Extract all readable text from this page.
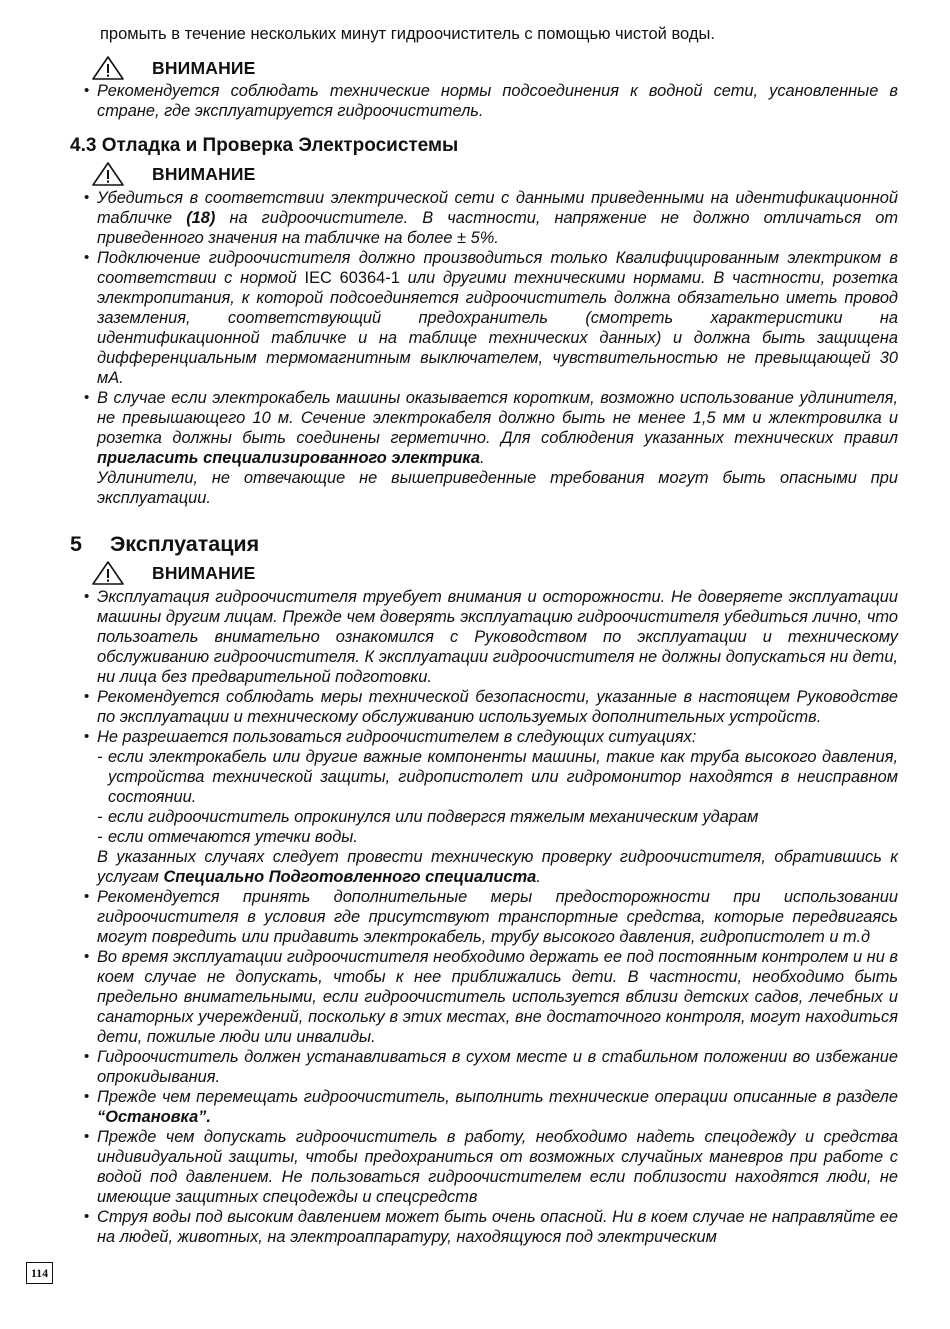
промыть в течение нескольких минут гидроочиститель с помощью чистой воды.
ВНИМАНИЕ

• Рекомендуется соблюдать технические нормы подсоединения к водной сети, усановленные в стране, где эксплуатируется гидроочиститель.

4.3 Отладка и Проверка Электросистемы
ВНИМАНИЕ

• Убедиться в соответствии электрической сети с данными приведенными на идентификационной табличке (18) на гидроочистителе. В частности, напряжение не должно отличаться от приведенного значения на табличке на более ± 5%.

• Подключение гидроочистителя должно производиться только Квалифицированным электриком в соответствии с нормой IEC 60364-1 или другими техническими нормами. В частности, розетка электропитания, к которой подсоединяется гидроочиститель должна обязательно иметь провод заземления, соответствующий предохранитель (смотреть характеристики на идентификационной табличке и на таблице технических данных) и должна быть защищена дифференциальным термомагнитным выключателем, чувствительностью не превыщающей 30 мА.

• В случае если электрокабель машины оказывается коротким, возможно использование удлинителя, не превышающего 10 м. Сечение электрокабеля должно быть не менее 1,5 мм и жлектровилка и розетка должны быть соединены герметично. Для соблюдения указанных технических правил пригласить специализированного электрика.

Удлинители, не отвечающие не вышеприведенные требования могут быть опасными при эксплуатации.

5 Эксплуатация
ВНИМАНИЕ

• Эксплуатация гидроочистителя труебует внимания и осторожности. Не доверяете эксплуатации машины другим лицам. Прежде чем доверять эксплуатацию гидроочистителя убедиться лично, что пользоатель внимательно ознакомился с Руководством по эксплуатации и техническому обслуживанию гидроочистителя. К эксплуатации гидроочистителя не должны допускаться ни дети, ни лица без предварительной подготовки.

• Рекомендуется соблюдать меры технической безопасности, указанные в настоящем Руководстве по эксплуатации и техническому обслуживанию используемых дополнительных устройств.

• Не разрешается пользоваться гидроочистителем в следующих ситуациях:

- если электрокабель или другие важные компоненты машины, такие как труба высокого давления, устройства технической защиты, гидропистолет или гидромонитор находятся в неисправном состоянии.

- если гидроочиститель опрокинулся или подвергся тяжелым механическим ударам

- если отмечаются утечки воды.

В указанных случаях следует провести техническую проверку гидроочистителя, обратившись к услугам Специально Подготовленного специалиста.

• Рекомендуется принять дополнительные меры предосторожности при использовании гидроочистителя в условия где присутствуют транспортные средства, которые передвигаясь могут повредить или придавить электрокабель, трубу высокого давления, гидропистолет и т.д

• Во время эксплуатации гидроочистителя необходимо держать ее под постоянным контролем и ни в коем случае не допускать, чтобы к нее приближались дети. В частности, необходимо быть предельно внимательными, если гидроочиститель используется вблизи детских садов, лечебных и санаторных учереждений, поскольку в этих местах, вне достаточного контроля, могут находиться дети, пожилые люди или инвалиды.

• Гидроочиститель должен устанавливаться в сухом месте и в стабильном положении во избежание опрокидывания.

• Прежде чем перемещать гидроочиститель, выполнить технические операции описанные в разделе “Остановка”.

• Прежде чем допускать гидроочиститель в работу, необходимо надеть спецодежду и средства индивидуальной защиты, чтобы предохраниться от возможных случайных маневров при работе с водой под давлением. Не пользоваться гидроочистителем если поблизости находятся люди, не имеющие защитных спецодежды и спецсредств

• Струя воды под высоким давлением может быть очень опасной. Ни в коем случае не направляйте ее на людей, животных, на электроаппаратуру, находящуюся под электрическим

114
